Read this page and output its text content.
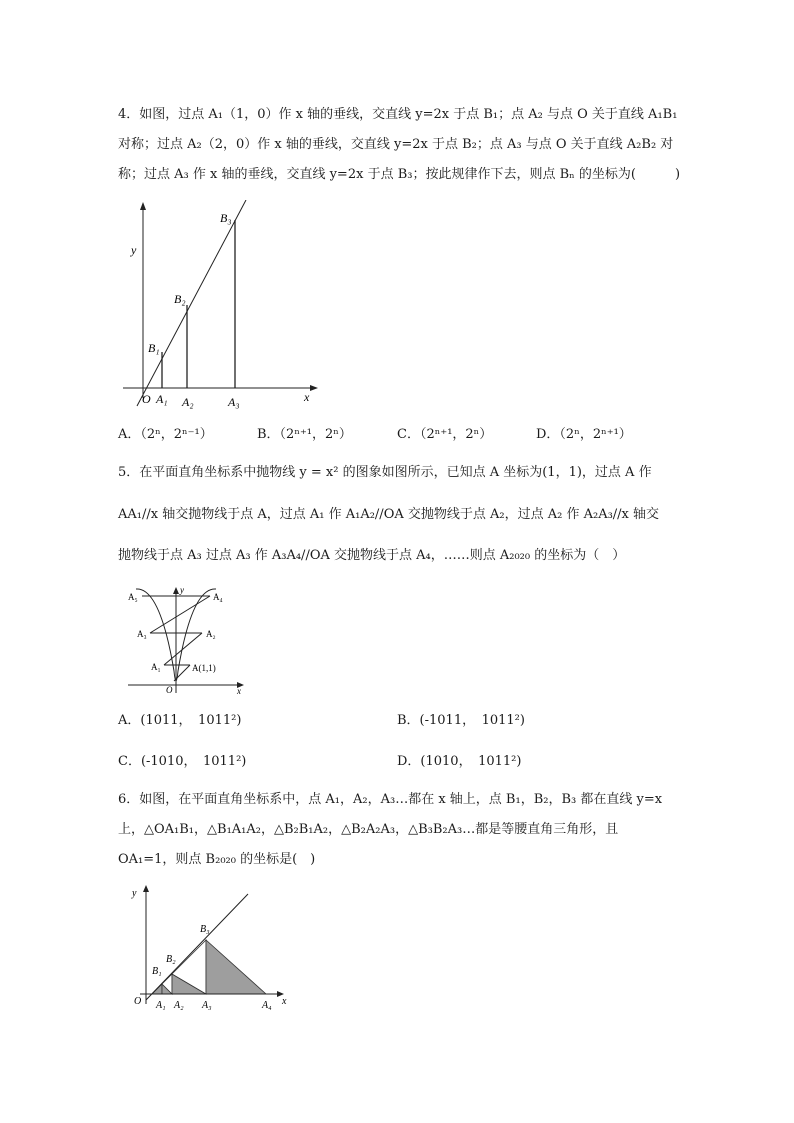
4．如图，过点 A₁（1，0）作 x 轴的垂线，交直线 y=2x 于点 B₁；点 A₂ 与点 O 关于直线 A₁B₁
对称；过点 A₂（2，0）作 x 轴的垂线，交直线 y=2x 于点 B₂；点 A₃ 与点 O 关于直线 A₂B₂ 对
称；过点 A₃ 作 x 轴的垂线，交直线 y=2x 于点 B₃；按此规律作下去，则点 Bₙ 的坐标为(　　　)
y
x
O A₁ A₂	A₃
B₁
B₂
B₃
A．（2ⁿ，2ⁿ⁻¹）	B．（2ⁿ⁺¹，2ⁿ）	C．（2ⁿ⁺¹，2ⁿ）	D．（2ⁿ，2ⁿ⁺¹）
5．在平面直角坐标系中抛物线 y = x² 的图象如图所示，已知点 A 坐标为(1，1)，过点 A 作
AA₁//x 轴交抛物线于点 A，过点 A₁ 作 A₁A₂//OA 交抛物线于点 A₂，过点 A₂ 作 A₂A₃//x 轴交
抛物线于点 A₃ 过点 A₃ 作 A₃A₄//OA 交抛物线于点 A₄，……则点 A₂₀₂₀ 的坐标为（　）
y
x
O
A(1,1)
A₁
A₂
A₃
A₄
A₅
A．(1011，　1011²)	B．(-1011，　1011²)
C．(-1010，　1011²)	D．(1010，　1011²)
6．如图，在平面直角坐标系中，点 A₁，A₂，A₃…都在 x 轴上，点 B₁，B₂，B₃ 都在直线 y=x
上，△OA₁B₁，△B₁A₁A₂，△B₂B₁A₂，△B₂A₂A₃，△B₃B₂A₃…都是等腰直角三角形，且
OA₁=1，则点 B₂₀₂₀ 的坐标是(　)
y
x
O A₁ A₂ A₃	A₄
B₁
B₂
B₃
